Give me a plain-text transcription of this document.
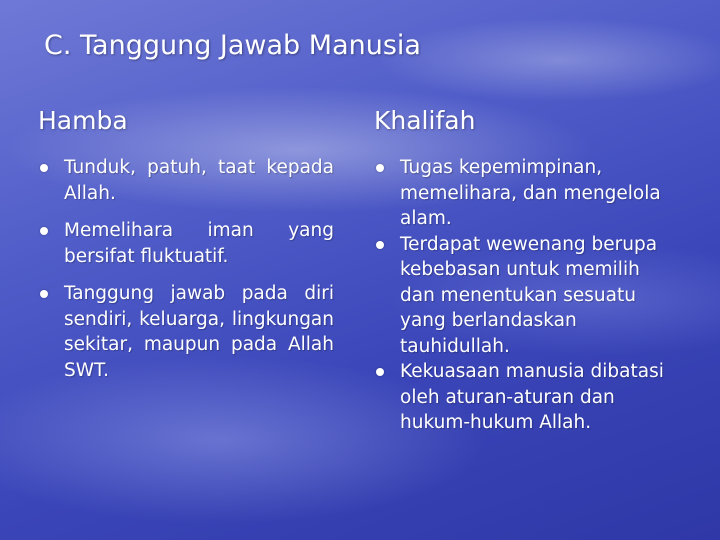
C. Tanggung Jawab Manusia
Hamba	Khalifah
Tunduk, patuh, taat kepada Allah.
Memelihara iman yang bersifat fluktuatif.
Tanggung jawab pada diri sendiri, keluarga, lingkungan sekitar, maupun pada Allah SWT.
Tugas kepemimpinan, memelihara, dan mengelola alam.
Terdapat wewenang berupa kebebasan untuk memilih dan menentukan sesuatu yang berlandaskan tauhidullah.
Kekuasaan manusia dibatasi oleh aturan-aturan dan hukum-hukum Allah.
